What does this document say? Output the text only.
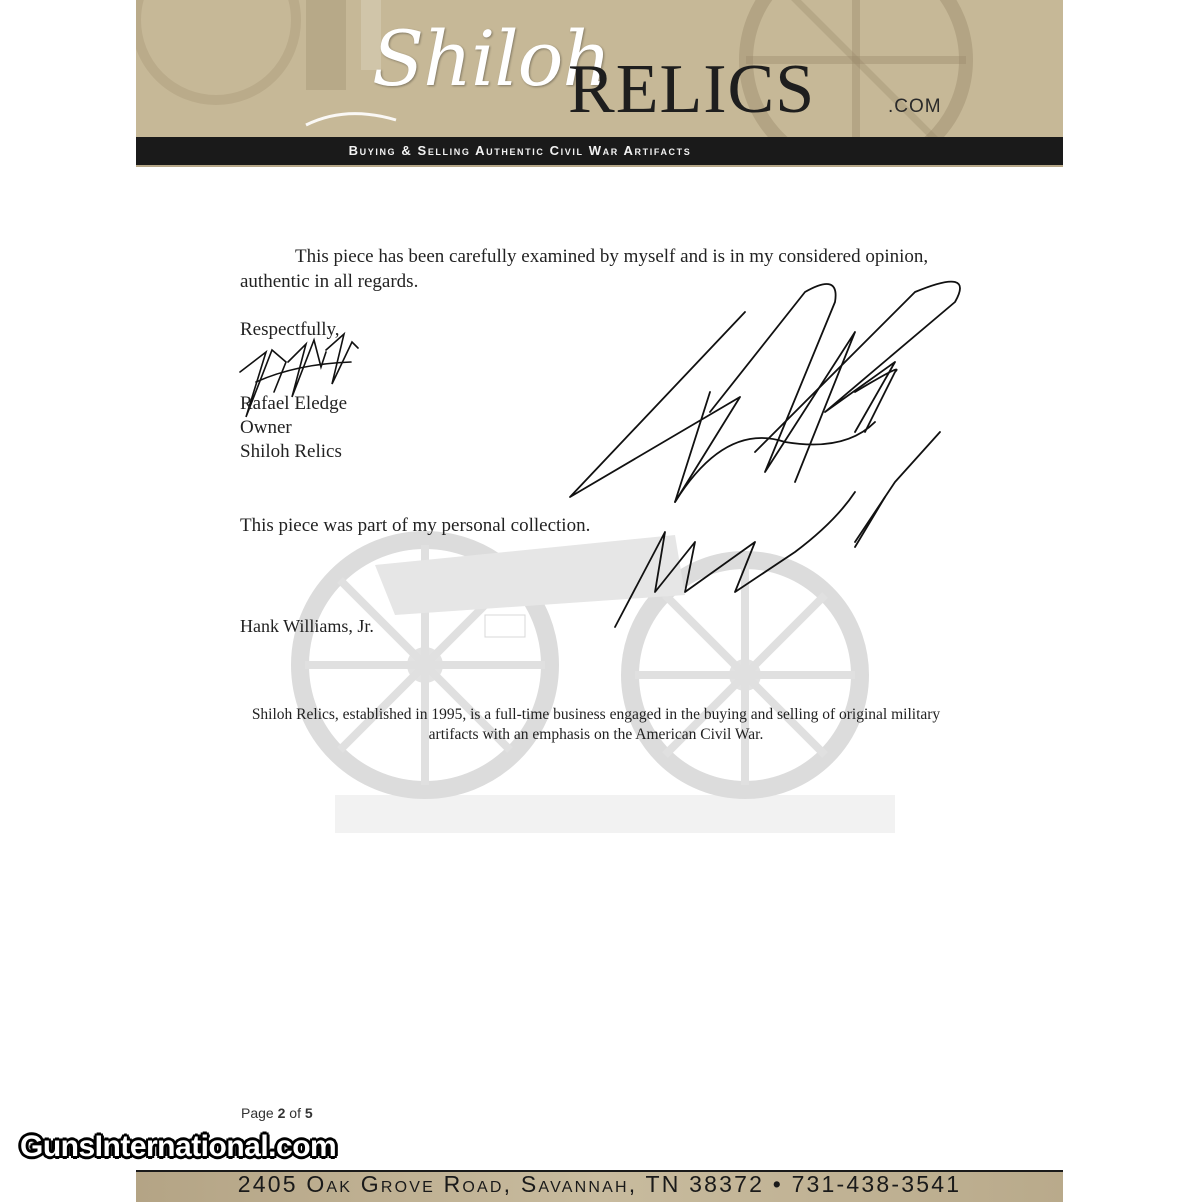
Shiloh
RELICS	.COM
Buying & Selling Authentic Civil War Artifacts
This piece has been carefully examined by myself and is in my considered opinion, authentic in all regards.
Respectfully,
Rafael Eledge
Owner
Shiloh Relics
This piece was part of my personal collection.
Hank Williams, Jr.
Shiloh Relics, established in 1995, is a full-time business engaged in the buying and selling of original military artifacts with an emphasis on the American Civil War.
Page 2 of 5
GunsInternational.com
2405 Oak Grove Road, Savannah, TN 38372 • 731-438-3541
